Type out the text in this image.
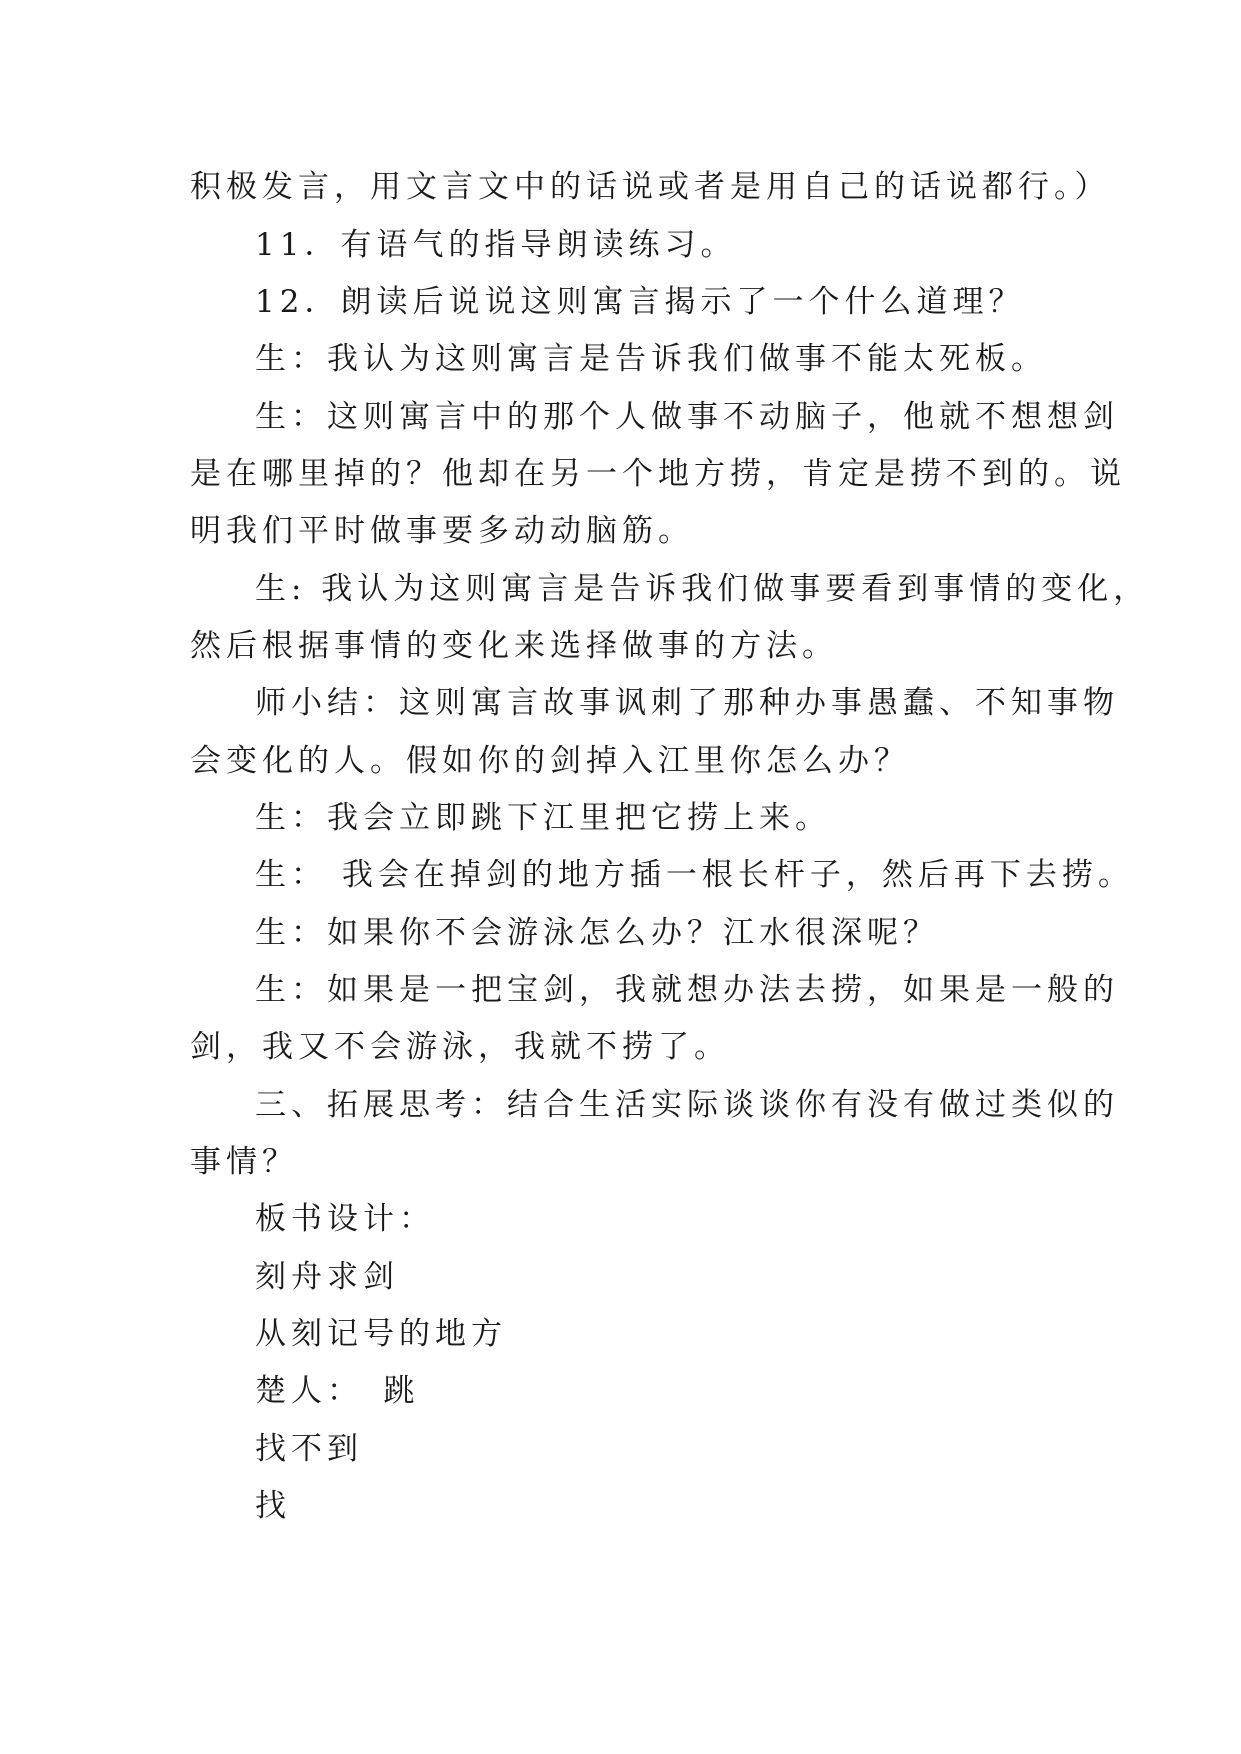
积极发言，用文言文中的话说或者是用自己的话说都行。）

11．有语气的指导朗读练习。

12．朗读后说说这则寓言揭示了一个什么道理？

生：我认为这则寓言是告诉我们做事不能太死板。

生：这则寓言中的那个人做事不动脑子，他就不想想剑

是在哪里掉的？他却在另一个地方捞，肯定是捞不到的。说

明我们平时做事要多动动脑筋。

生: 我认为这则寓言是告诉我们做事要看到事情的变化，

然后根据事情的变化来选择做事的方法。

师小结：这则寓言故事讽刺了那种办事愚蠢、不知事物

会变化的人。假如你的剑掉入江里你怎么办？

生：我会立即跳下江里把它捞上来。

生： 我会在掉剑的地方插一根长杆子，然后再下去捞。

生：如果你不会游泳怎么办？江水很深呢？

生：如果是一把宝剑，我就想办法去捞，如果是一般的

剑，我又不会游泳，我就不捞了。

三、拓展思考：结合生活实际谈谈你有没有做过类似的

事情？

板书设计：

刻舟求剑

从刻记号的地方

楚人：　跳

找不到

找
